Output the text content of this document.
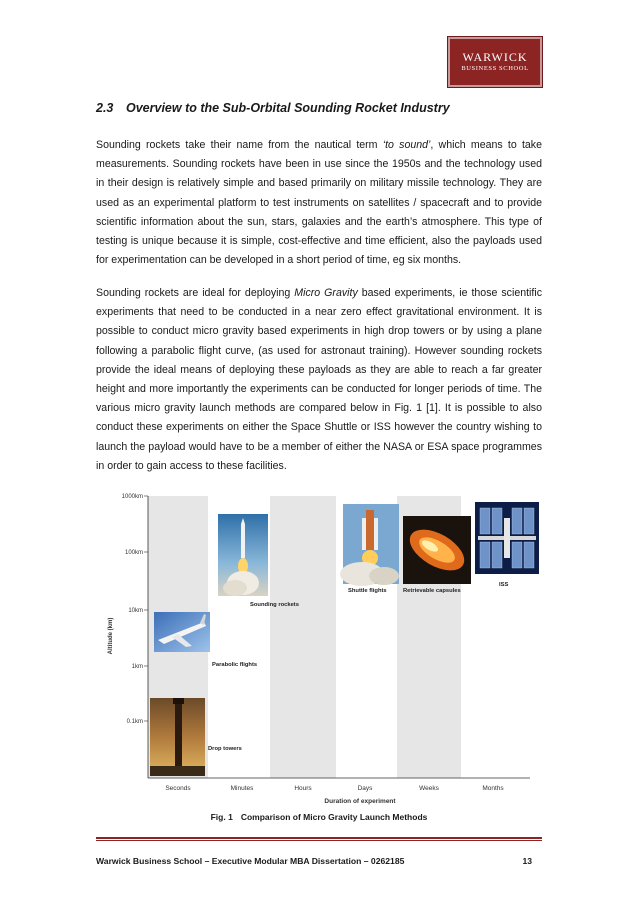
WARWICK
BUSINESS SCHOOL
2.3 Overview to the Sub-Orbital Sounding Rocket Industry

Sounding rockets take their name from the nautical term ‘to sound’, which means to take measurements. Sounding rockets have been in use since the 1950s and the technology used in their design is relatively simple and based primarily on military missile technology. They are used as an experimental platform to test instruments on satellites / spacecraft and to provide scientific information about the sun, stars, galaxies and the earth’s atmosphere. This type of testing is unique because it is simple, cost-effective and time efficient, also the payloads used for experimentation can be developed in a short period of time, eg six months.

Sounding rockets are ideal for deploying Micro Gravity based experiments, ie those scientific experiments that need to be conducted in a near zero effect gravitational environment. It is possible to conduct micro gravity based experiments in high drop towers or by using a plane following a parabolic flight curve, (as used for astronaut training). However sounding rockets provide the ideal means of deploying these payloads as they are able to reach a far greater height and more importantly the experiments can be conducted for longer periods of time. The various micro gravity launch methods are compared below in Fig. 1 [1]. It is possible to also conduct these experiments on either the Space Shuttle or ISS however the country wishing to launch the payload would have to be a member of either the NASA or ESA space programmes in order to gain access to these facilities.

1000km
100km
10km
1km
0.1km
Altitude (km)
Seconds	Minutes	Hours	Days	Weeks	Months
Duration of experiment
Drop towers
Parabolic flights
Sounding rockets
Shuttle flights	Retrievable capsules
ISS
Fig. 1 Comparison of Micro Gravity Launch Methods
Warwick Business School – Executive Modular MBA Dissertation – 0262185	13
